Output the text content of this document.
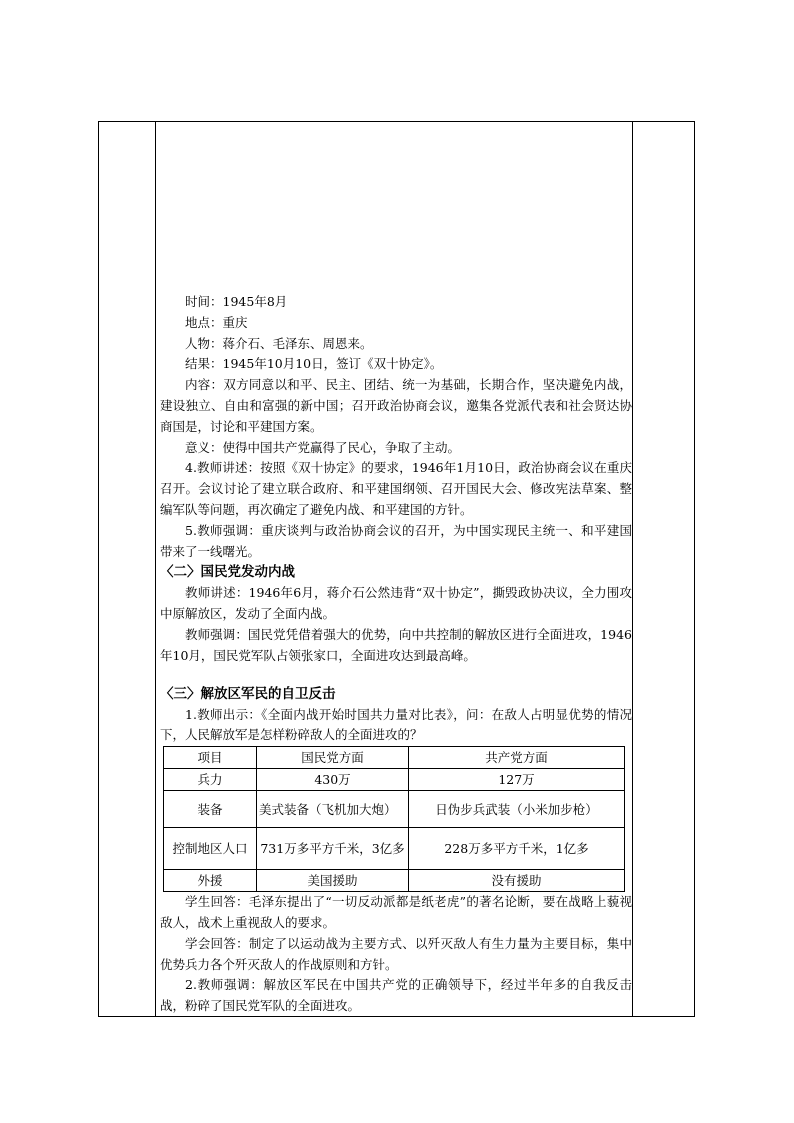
时间：1945年8月

地点：重庆

人物：蒋介石、毛泽东、周恩来。

结果：1945年10月10日，签订《双十协定》。

内容：双方同意以和平、民主、团结、统一为基础，长期合作，坚决避免内战，建设独立、自由和富强的新中国；召开政治协商会议，邀集各党派代表和社会贤达协商国是，讨论和平建国方案。

意义：使得中国共产党赢得了民心，争取了主动。

4.教师讲述：按照《双十协定》的要求，1946年1月10日，政治协商会议在重庆召开。会议讨论了建立联合政府、和平建国纲领、召开国民大会、修改宪法草案、整编军队等问题，再次确定了避免内战、和平建国的方针。

5.教师强调：重庆谈判与政治协商会议的召开，为中国实现民主统一、和平建国带来了一线曙光。

〈二〉国民党发动内战

教师讲述：1946年6月，蒋介石公然违背“双十协定”，撕毁政协决议，全力围攻中原解放区，发动了全面内战。

教师强调：国民党凭借着强大的优势，向中共控制的解放区进行全面进攻，1946年10月，国民党军队占领张家口，全面进攻达到最高峰。

〈三〉解放区军民的自卫反击

1.教师出示：《全面内战开始时国共力量对比表》，问：在敌人占明显优势的情况下，人民解放军是怎样粉碎敌人的全面进攻的？

项目	国民党方面	共产党方面
兵力	430万	127万
装备	美式装备（飞机加大炮）	日伪步兵武装（小米加步枪）
控制地区人口	731万多平方千米，3亿多	228万多平方千米，1亿多
外援	美国援助	没有援助

学生回答：毛泽东提出了“一切反动派都是纸老虎”的著名论断，要在战略上藐视敌人，战术上重视敌人的要求。

学会回答：制定了以运动战为主要方式、以歼灭敌人有生力量为主要目标，集中优势兵力各个歼灭敌人的作战原则和方针。

2.教师强调：解放区军民在中国共产党的正确领导下，经过半年多的自我反击战，粉碎了国民党军队的全面进攻。
